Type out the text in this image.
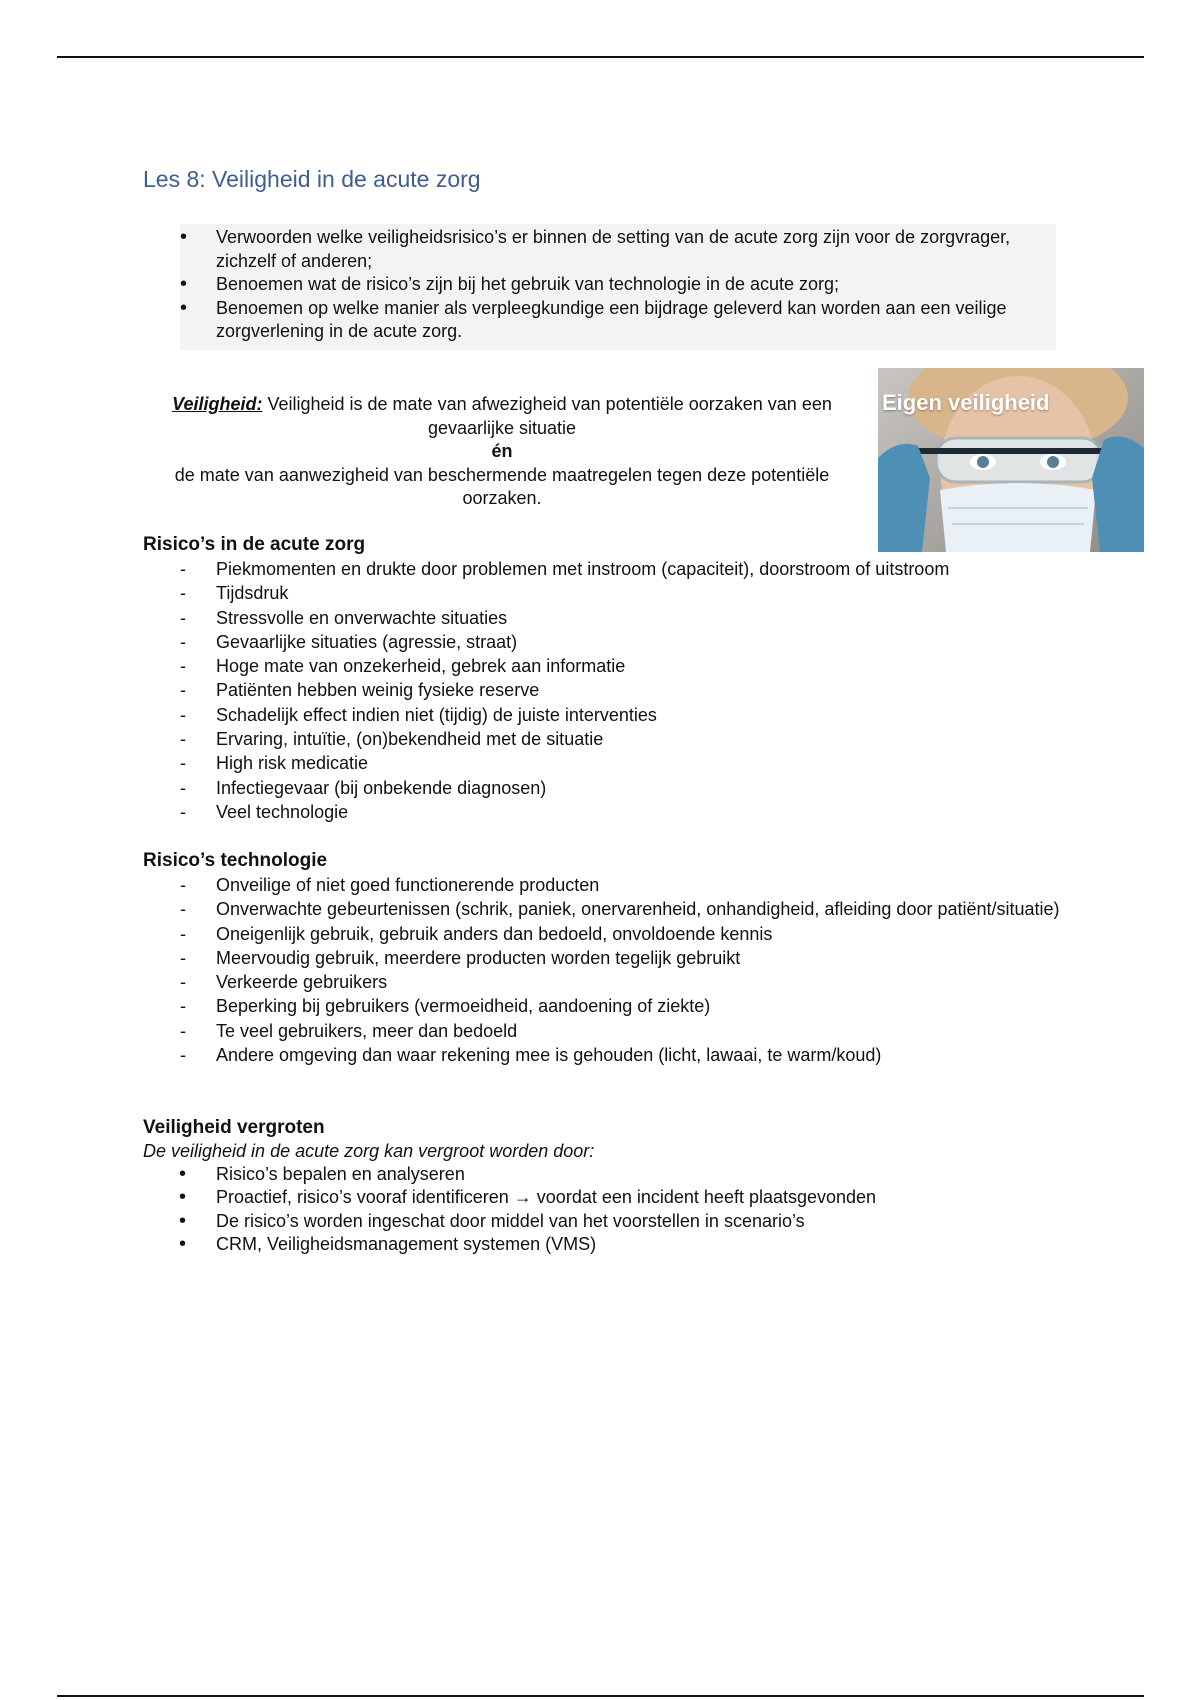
Les 8: Veiligheid in de acute zorg
• Verwoorden welke veiligheidsrisico’s er binnen de setting van de acute zorg zijn voor de zorgvrager, zichzelf of anderen;
• Benoemen wat de risico’s zijn bij het gebruik van technologie in de acute zorg;
• Benoemen op welke manier als verpleegkundige een bijdrage geleverd kan worden aan een veilige zorgverlening in de acute zorg.
Veiligheid: Veiligheid is de mate van afwezigheid van potentiële oorzaken van een gevaarlijke situatie
én
de mate van aanwezigheid van beschermende maatregelen tegen deze potentiële oorzaken.
Eigen veiligheid
Risico’s in de acute zorg
- Piekmomenten en drukte door problemen met instroom (capaciteit), doorstroom of uitstroom
- Tijdsdruk
- Stressvolle en onverwachte situaties
- Gevaarlijke situaties (agressie, straat)
- Hoge mate van onzekerheid, gebrek aan informatie
- Patiënten hebben weinig fysieke reserve
- Schadelijk effect indien niet (tijdig) de juiste interventies
- Ervaring, intuïtie, (on)bekendheid met de situatie
- High risk medicatie
- Infectiegevaar (bij onbekende diagnosen)
- Veel technologie
Risico’s technologie
- Onveilige of niet goed functionerende producten
- Onverwachte gebeurtenissen (schrik, paniek, onervarenheid, onhandigheid, afleiding door patiënt/situatie)
- Oneigenlijk gebruik, gebruik anders dan bedoeld, onvoldoende kennis
- Meervoudig gebruik, meerdere producten worden tegelijk gebruikt
- Verkeerde gebruikers
- Beperking bij gebruikers (vermoeidheid, aandoening of ziekte)
- Te veel gebruikers, meer dan bedoeld
- Andere omgeving dan waar rekening mee is gehouden (licht, lawaai, te warm/koud)
Veiligheid vergroten
De veiligheid in de acute zorg kan vergroot worden door:
• Risico’s bepalen en analyseren
• Proactief, risico’s vooraf identificeren → voordat een incident heeft plaatsgevonden
• De risico’s worden ingeschat door middel van het voorstellen in scenario’s
• CRM, Veiligheidsmanagement systemen (VMS)
